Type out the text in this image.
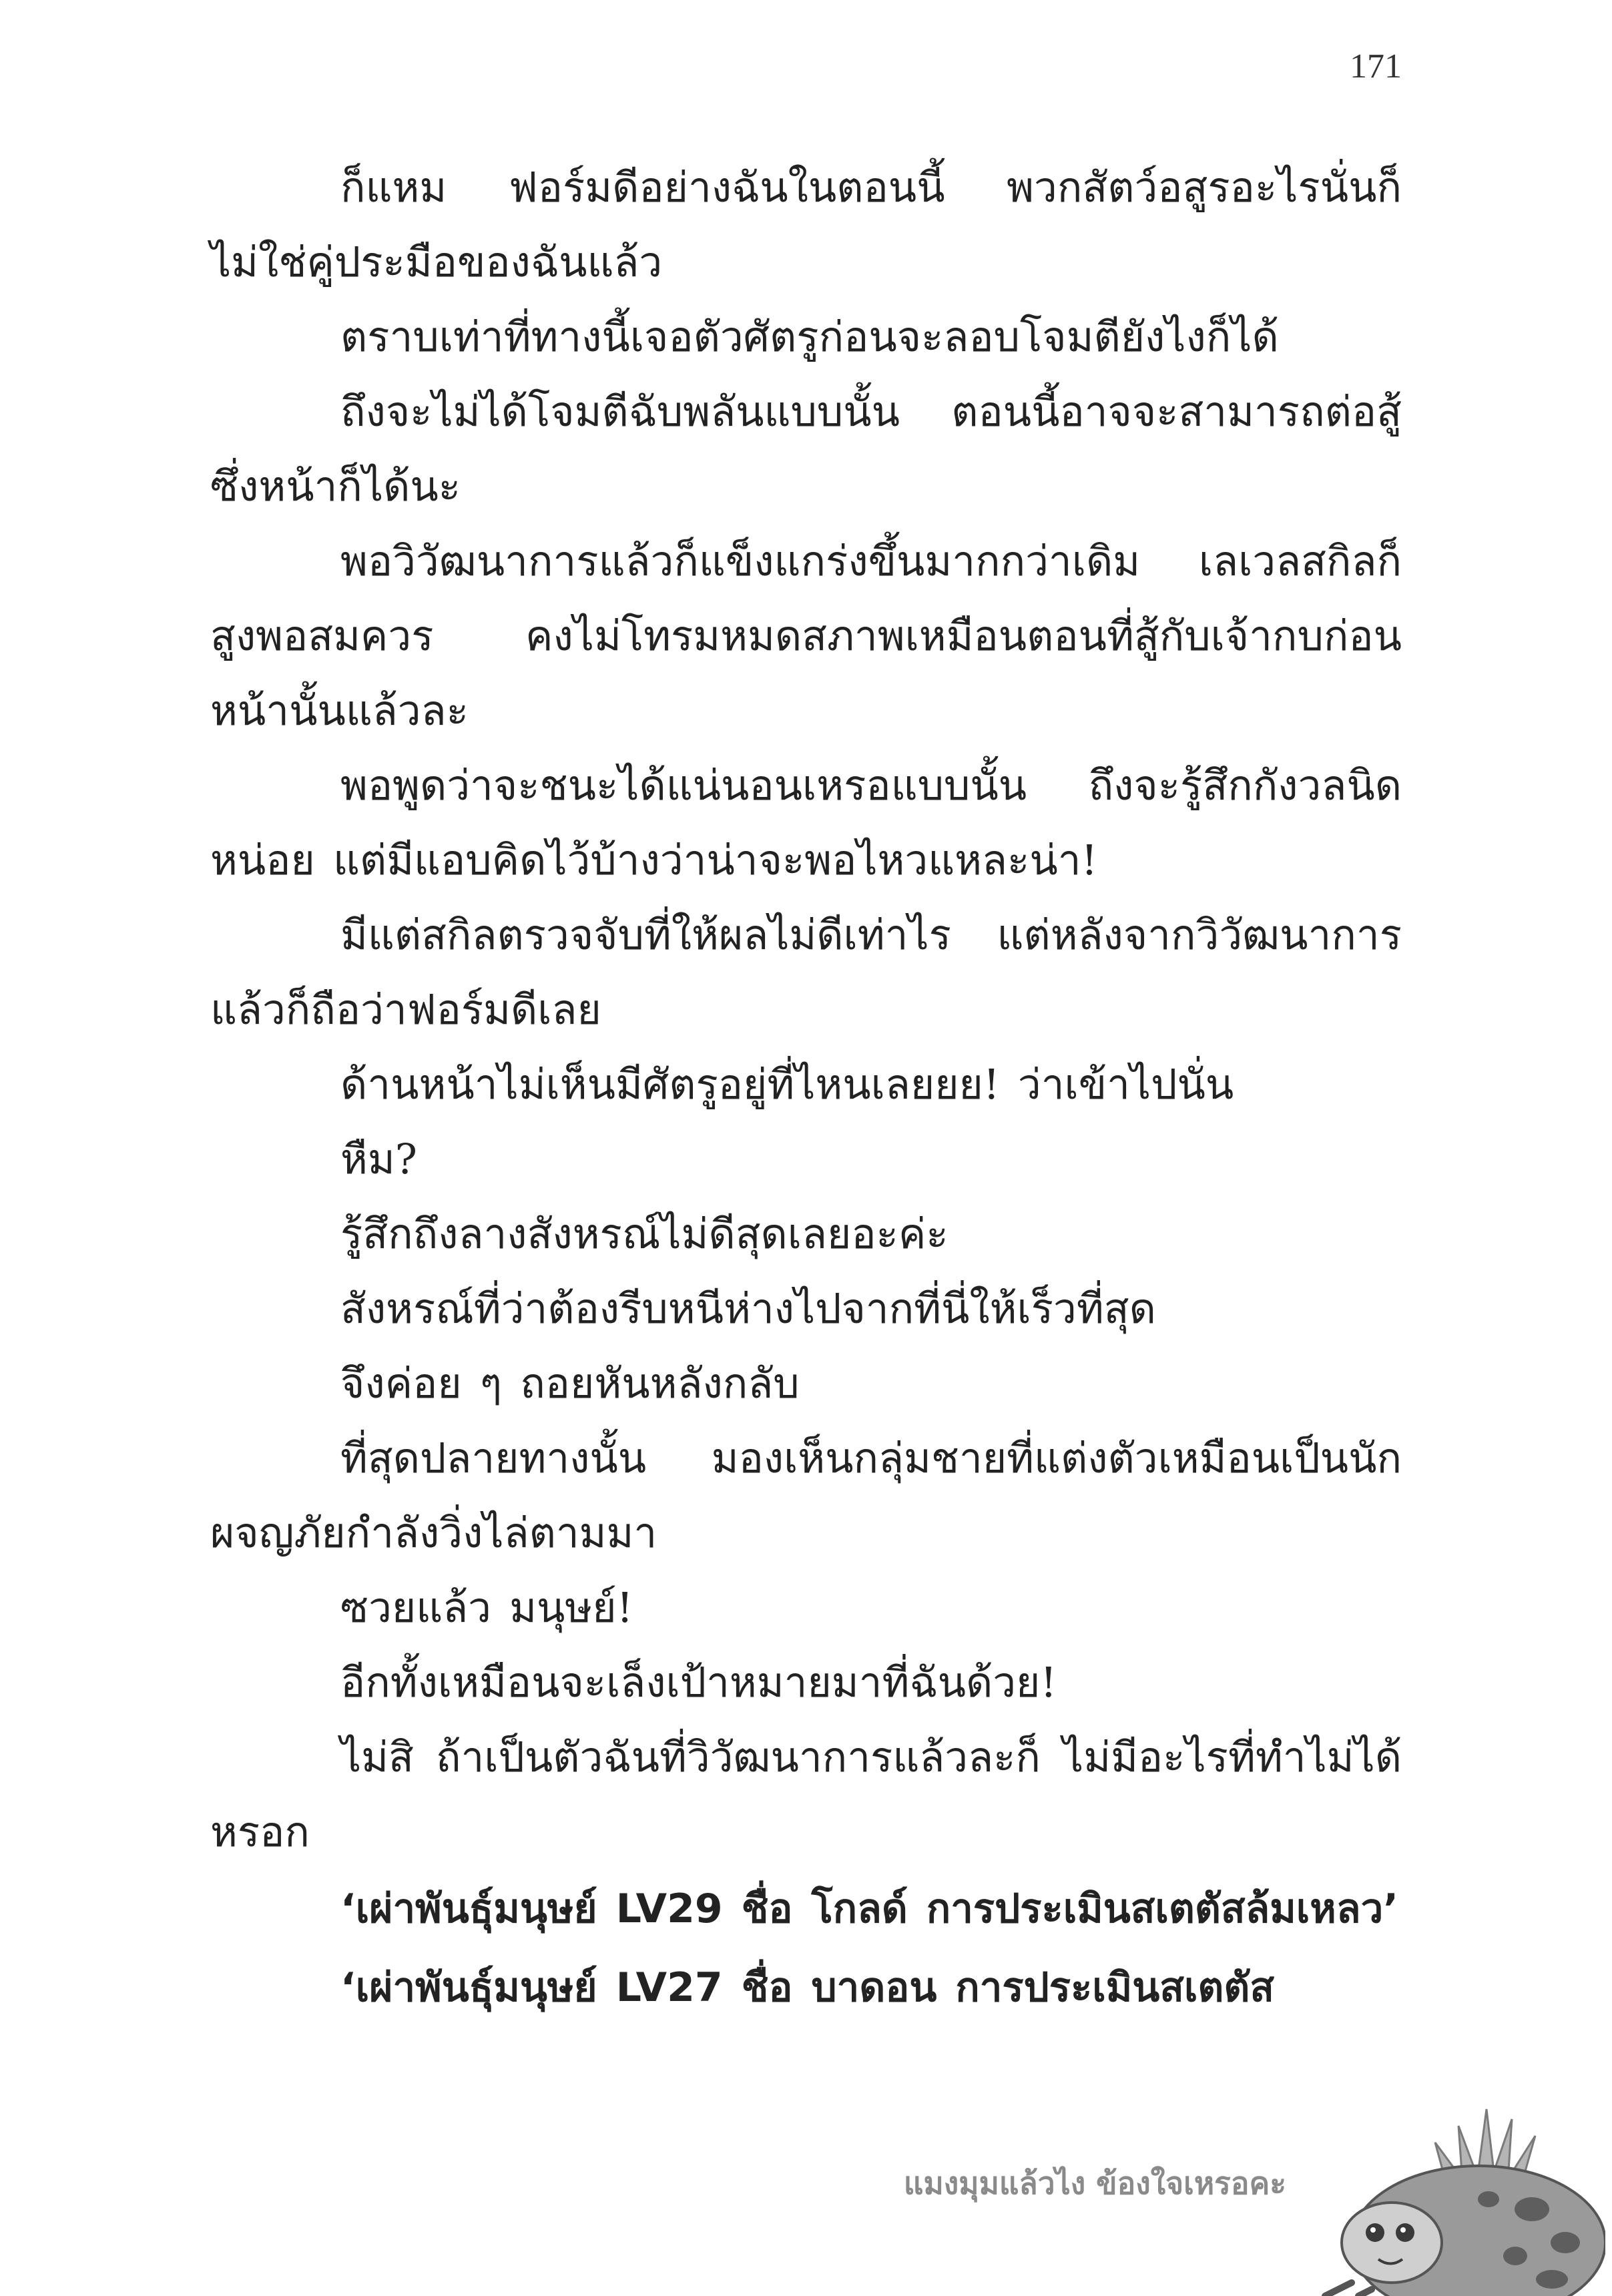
171

ก็แหม ฟอร์มดีอย่างฉันในตอนนี้ พวกสัตว์อสูรอะไรนั่นก็ไม่ใช่คู่ประมือของฉันแล้ว

ตราบเท่าที่ทางนี้เจอตัวศัตรูก่อนจะลอบโจมตียังไงก็ได้

ถึงจะไม่ได้โจมตีฉับพลันแบบนั้น ตอนนี้อาจจะสามารถต่อสู้ซึ่งหน้าก็ได้นะ

พอวิวัฒนาการแล้วก็แข็งแกร่งขึ้นมากกว่าเดิม เลเวลสกิลก็สูงพอสมควร คงไม่โทรมหมดสภาพเหมือนตอนที่สู้กับเจ้ากบก่อนหน้านั้นแล้วละ

พอพูดว่าจะชนะได้แน่นอนเหรอแบบนั้น ถึงจะรู้สึกกังวลนิดหน่อย แต่มีแอบคิดไว้บ้างว่าน่าจะพอไหวแหละน่า!

มีแต่สกิลตรวจจับที่ให้ผลไม่ดีเท่าไร แต่หลังจากวิวัฒนาการแล้วก็ถือว่าฟอร์มดีเลย

ด้านหน้าไม่เห็นมีศัตรูอยู่ที่ไหนเลยยย! ว่าเข้าไปนั่น

หืม?

รู้สึกถึงลางสังหรณ์ไม่ดีสุดเลยอะค่ะ

สังหรณ์ที่ว่าต้องรีบหนีห่างไปจากที่นี่ให้เร็วที่สุด

จึงค่อย ๆ ถอยหันหลังกลับ

ที่สุดปลายทางนั้น มองเห็นกลุ่มชายที่แต่งตัวเหมือนเป็นนักผจญภัยกำลังวิ่งไล่ตามมา

ซวยแล้ว มนุษย์!

อีกทั้งเหมือนจะเล็งเป้าหมายมาที่ฉันด้วย!

ไม่สิ ถ้าเป็นตัวฉันที่วิวัฒนาการแล้วละก็ ไม่มีอะไรที่ทำไม่ได้หรอก

‘เผ่าพันธุ์มนุษย์ LV29 ชื่อ โกลด์ การประเมินสเตตัสล้มเหลว’

‘เผ่าพันธุ์มนุษย์ LV27 ชื่อ บาดอน การประเมินสเตตัส

แมงมุมแล้วไง ข้องใจเหรอคะ
